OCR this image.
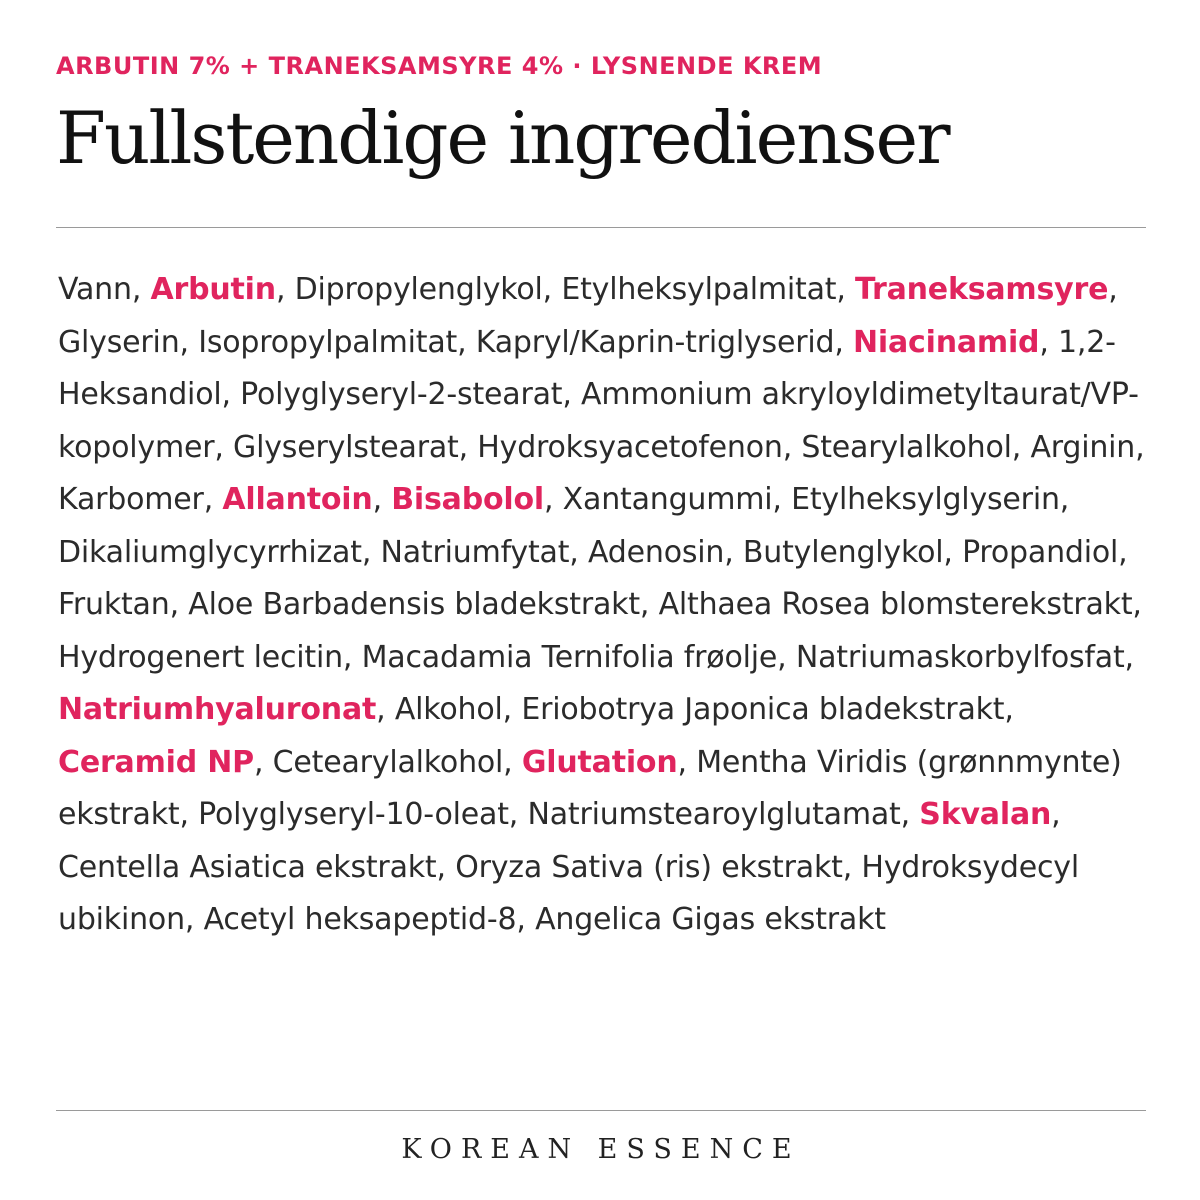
ARBUTIN 7% + TRANEKSAMSYRE 4% · LYSNENDE KREM
Fullstendige ingredienser
Vann, Arbutin, Dipropylenglykol, Etylheksylpalmitat, Traneksamsyre, Glyserin, Isopropylpalmitat, Kapryl/Kaprin-triglyserid, Niacinamid, 1,2-Heksandiol, Polyglyseryl-2-stearat, Ammonium akryloyldimetyltaurat/VP-kopolymer, Glyserylstearat, Hydroksyacetofenon, Stearylalkohol, Arginin, Karbomer, Allantoin, Bisabolol, Xantangummi, Etylheksylglyserin, Dikaliumglycyrrhizat, Natriumfytat, Adenosin, Butylenglykol, Propandiol, Fruktan, Aloe Barbadensis bladekstrakt, Althaea Rosea blomsterekstrakt, Hydrogenert lecitin, Macadamia Ternifolia frøolje, Natriumaskorbylfosfat, Natriumhyaluronat, Alkohol, Eriobotrya Japonica bladekstrakt, Ceramid NP, Cetearylalkohol, Glutation, Mentha Viridis (grønnmynte) ekstrakt, Polyglyseryl-10-oleat, Natriumstearoylglutamat, Skvalan, Centella Asiatica ekstrakt, Oryza Sativa (ris) ekstrakt, Hydroksydecyl ubikinon, Acetyl heksapeptid-8, Angelica Gigas ekstrakt
KOREAN ESSENCE
